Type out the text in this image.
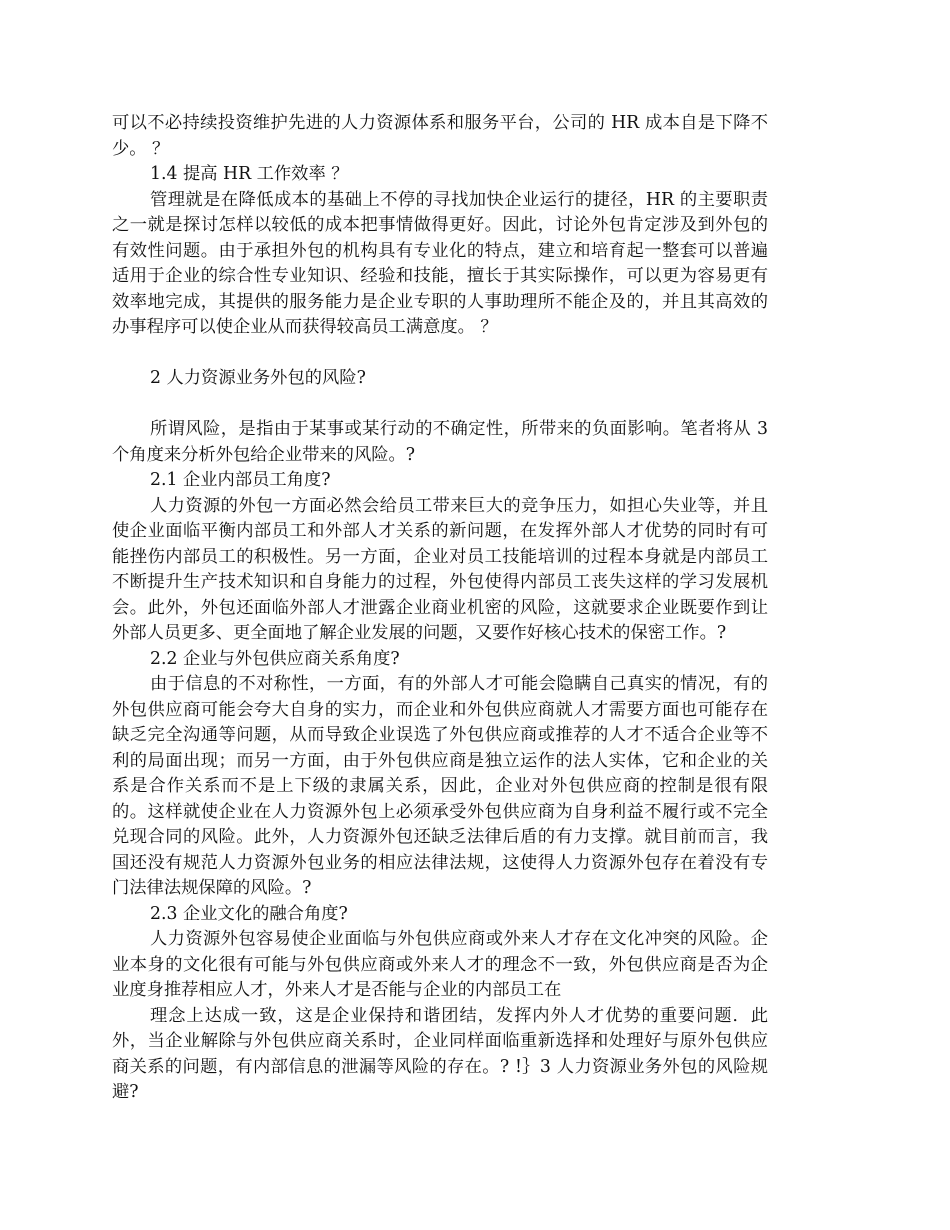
可以不必持续投资维护先进的人力资源体系和服务平台，公司的 HR 成本自是下降不少。 ？

1.4 提高 HR 工作效率 ？

管理就是在降低成本的基础上不停的寻找加快企业运行的捷径，HR 的主要职责之一就是探讨怎样以较低的成本把事情做得更好。因此，讨论外包肯定涉及到外包的有效性问题。由于承担外包的机构具有专业化的特点，建立和培育起一整套可以普遍适用于企业的综合性专业知识、经验和技能，擅长于其实际操作，可以更为容易更有效率地完成，其提供的服务能力是企业专职的人事助理所不能企及的，并且其高效的办事程序可以使企业从而获得较高员工满意度。 ？

2 人力资源业务外包的风险?

所谓风险，是指由于某事或某行动的不确定性，所带来的负面影响。笔者将从 3 个角度来分析外包给企业带来的风险。?

2.1 企业内部员工角度?

人力资源的外包一方面必然会给员工带来巨大的竞争压力，如担心失业等，并且使企业面临平衡内部员工和外部人才关系的新问题，在发挥外部人才优势的同时有可能挫伤内部员工的积极性。另一方面，企业对员工技能培训的过程本身就是内部员工不断提升生产技术知识和自身能力的过程，外包使得内部员工丧失这样的学习发展机会。此外，外包还面临外部人才泄露企业商业机密的风险，这就要求企业既要作到让外部人员更多、更全面地了解企业发展的问题，又要作好核心技术的保密工作。?

2.2 企业与外包供应商关系角度?

由于信息的不对称性，一方面，有的外部人才可能会隐瞒自己真实的情况，有的外包供应商可能会夸大自身的实力，而企业和外包供应商就人才需要方面也可能存在缺乏完全沟通等问题，从而导致企业误选了外包供应商或推荐的人才不适合企业等不利的局面出现；而另一方面，由于外包供应商是独立运作的法人实体，它和企业的关系是合作关系而不是上下级的隶属关系，因此，企业对外包供应商的控制是很有限的。这样就使企业在人力资源外包上必须承受外包供应商为自身利益不履行或不完全兑现合同的风险。此外，人力资源外包还缺乏法律后盾的有力支撑。就目前而言，我国还没有规范人力资源外包业务的相应法律法规，这使得人力资源外包存在着没有专门法律法规保障的风险。?

2.3 企业文化的融合角度?

人力资源外包容易使企业面临与外包供应商或外来人才存在文化冲突的风险。企业本身的文化很有可能与外包供应商或外来人才的理念不一致，外包供应商是否为企业度身推荐相应人才，外来人才是否能与企业的内部员工在

理念上达成一致，这是企业保持和谐团结，发挥内外人才优势的重要问题．此外，当企业解除与外包供应商关系时，企业同样面临重新选择和处理好与原外包供应商关系的问题，有内部信息的泄漏等风险的存在。? !｝3 人力资源业务外包的风险规避?
